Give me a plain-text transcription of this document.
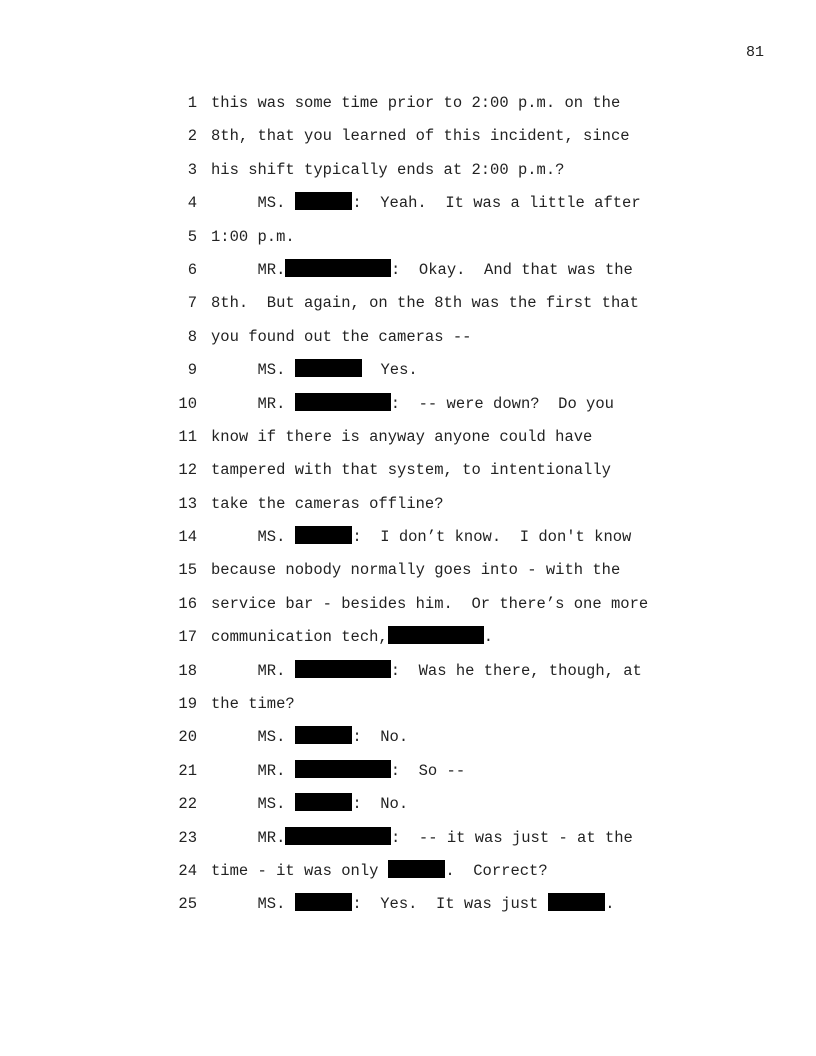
81
1 this was some time prior to 2:00 p.m. on the
2 8th, that you learned of this incident, since
3 his shift typically ends at 2:00 p.m.?
4 MS.	:  Yeah.  It was a little after
5 1:00 p.m.
6 MR.	:  Okay.  And that was the
7 8th.  But again, on the 8th was the first that
8 you found out the cameras --
9 MS.	Yes.
10 MR.	:  -- were down?  Do you
11 know if there is anyway anyone could have
12 tampered with that system, to intentionally
13 take the cameras offline?
14 MS.	:  I don’t know.  I don't know
15 because nobody normally goes into - with the
16 service bar - besides him.  Or there’s one more
17 communication tech,	.
18 MR.	:  Was he there, though, at
19 the time?
20 MS.	:  No.
21 MR.	:  So --
22 MS.	:  No.
23 MR.	:  -- it was just - at the
24 time - it was only	.  Correct?
25 MS.	:  Yes.  It was just	.
